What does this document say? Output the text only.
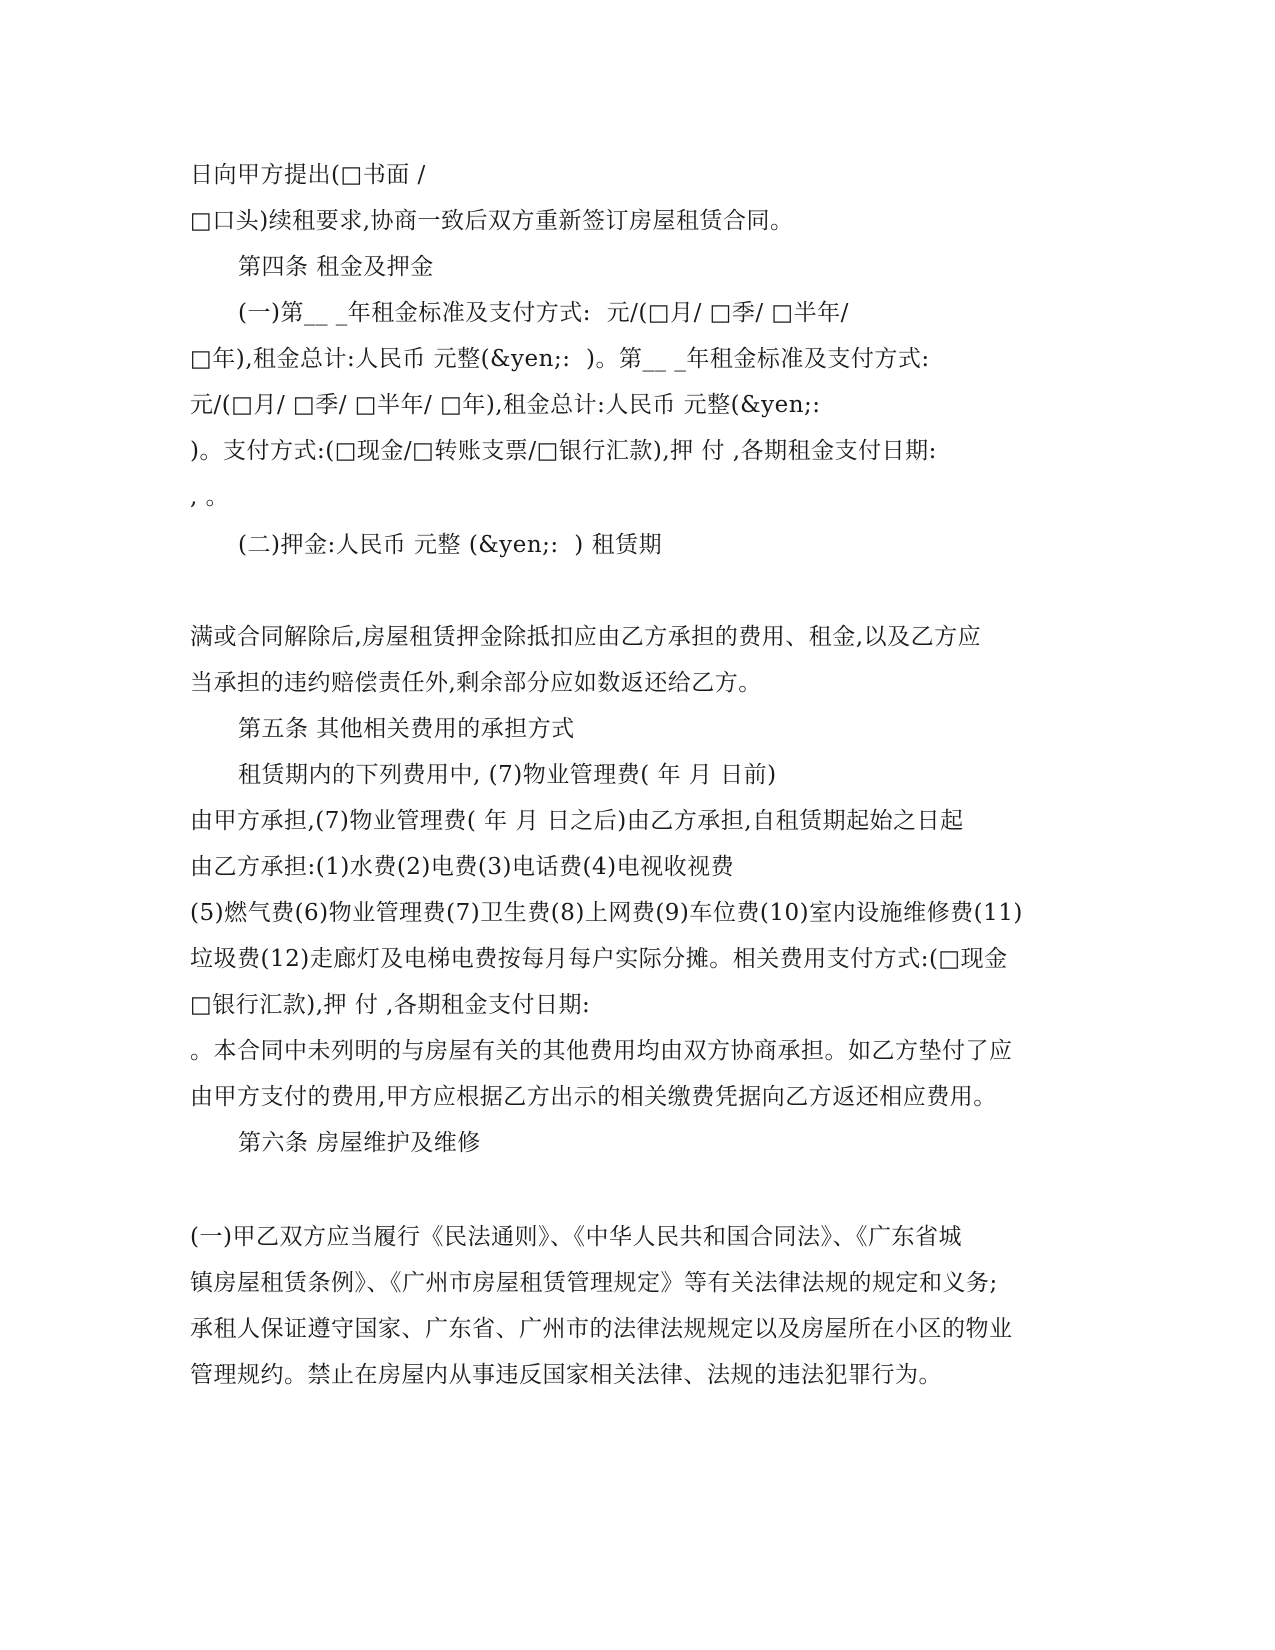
日向甲方提出(□书面 /
□口头)续租要求,协商一致后双方重新签订房屋租赁合同。
第四条 租金及押金
(一)第__ _年租金标准及支付方式:  元/(□月/ □季/ □半年/
□年),租金总计:人民币 元整(&yen;:  )。第__ _年租金标准及支付方式:
元/(□月/ □季/ □半年/ □年),租金总计:人民币 元整(&yen;:
)。支付方式:(□现金/□转账支票/□银行汇款),押 付 ,各期租金支付日期:
, 。
(二)押金:人民币 元整 (&yen;:  ) 租赁期
满或合同解除后,房屋租赁押金除抵扣应由乙方承担的费用、租金,以及乙方应
当承担的违约赔偿责任外,剩余部分应如数返还给乙方。
第五条 其他相关费用的承担方式
租赁期内的下列费用中, (7)物业管理费( 年 月 日前)
由甲方承担,(7)物业管理费( 年 月 日之后)由乙方承担,自租赁期起始之日起
由乙方承担:(1)水费(2)电费(3)电话费(4)电视收视费
(5)燃气费(6)物业管理费(7)卫生费(8)上网费(9)车位费(10)室内设施维修费(11)
垃圾费(12)走廊灯及电梯电费按每月每户实际分摊。相关费用支付方式:(□现金
□银行汇款),押 付 ,各期租金支付日期:
。本合同中未列明的与房屋有关的其他费用均由双方协商承担。如乙方垫付了应
由甲方支付的费用,甲方应根据乙方出示的相关缴费凭据向乙方返还相应费用。
第六条 房屋维护及维修
(一)甲乙双方应当履行《民法通则》、《中华人民共和国合同法》、《广东省城
镇房屋租赁条例》、《广州市房屋租赁管理规定》等有关法律法规的规定和义务;
承租人保证遵守国家、广东省、广州市的法律法规规定以及房屋所在小区的物业
管理规约。禁止在房屋内从事违反国家相关法律、法规的违法犯罪行为。
